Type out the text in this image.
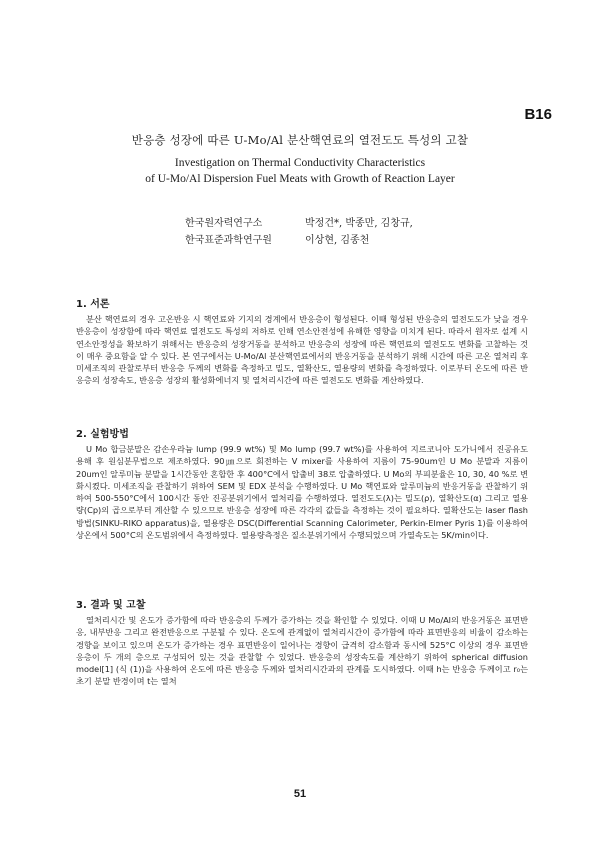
B16

반응층 성장에 따른 U-Mo/Al 분산핵연료의 열전도도 특성의 고찰

Investigation on Thermal Conductivity Characteristics
of U-Mo/Al Dispersion Fuel Meats with Growth of Reaction Layer

한국원자력연구소	박정건*, 박종만, 김창규,
한국표준과학연구원	이상현, 김종천
1. 서론

분산 핵연료의 경우 고온반응 시 핵연료와 기지의 경계에서 반응층이 형성된다. 이때 형성된 반응층의 열전도도가 낮을 경우 반응층이 성장함에 따라 핵연료 열전도도 특성의 저하로 인해 연소안전성에 유해한 영향을 미치게 된다. 따라서 원자로 설계 시 연소안정성을 확보하기 위해서는 반응층의 성장거동을 분석하고 반응층의 성장에 따른 핵연료의 열전도도 변화를 고찰하는 것이 매우 중요함을 알 수 있다. 본 연구에서는 U-Mo/Al 분산핵연료에서의 반응거동을 분석하기 위해 시간에 따른 고온 열처리 후 미세조직의 관찰로부터 반응층 두께의 변화를 측정하고 밀도, 열확산도, 열용량의 변화를 측정하였다. 이로부터 온도에 따른 반응층의 성장속도, 반응층 성장의 활성화에너지 및 열처리시간에 따른 열전도도 변화를 계산하였다.

2. 실험방법

U Mo 합금분말은 감손우라늄 lump (99.9 wt%) 및 Mo lump (99.7 wt%)를 사용하여 지르코니아 도가니에서 진공유도 용해 후 원심분무법으로 제조하였다. 90㎛으로 회전하는 V mixer를 사용하여 지름이 75-90um인 U Mo 분말과 지름이 20um인 알루미늄 분말을 1시간동안 혼합한 후 400°C에서 압출비 38로 압출하였다. U Mo의 부피분율은 10, 30, 40 %로 변화시켰다. 미세조직을 관찰하기 위하여 SEM 및 EDX 분석을 수행하였다. U Mo 핵연료와 알루미늄의 반응거동을 관찰하기 위하여 500-550°C에서 100시간 동안 진공분위기에서 열처리를 수행하였다. 열전도도(λ)는 밀도(ρ), 열확산도(α) 그리고 열용량(Cp)의 곱으로부터 계산할 수 있으므로 반응층 성장에 따른 각각의 값들을 측정하는 것이 필요하다. 열확산도는 laser flash 방법(SINKU-RIKO apparatus)을, 열용량은 DSC(Differential Scanning Calorimeter, Perkin-Elmer Pyris 1)를 이용하여 상온에서 500°C의 온도범위에서 측정하였다. 열용량측정은 질소분위기에서 수행되었으며 가열속도는 5K/min이다.

3. 결과 및 고찰

열처리시간 및 온도가 증가함에 따라 반응층의 두께가 증가하는 것을 확인할 수 있었다. 이때 U Mo/Al의 반응거동은 표면반응, 내부반응 그리고 완전반응으로 구분될 수 있다. 온도에 관계없이 열처리시간이 증가함에 따라 표면반응의 비율이 감소하는 경향을 보이고 있으며 온도가 증가하는 경우 표면반응이 일어나는 경향이 급격히 감소함과 동시에 525°C 이상의 경우 표면반응층이 두 개의 층으로 구성되어 있는 것을 관찰할 수 있었다. 반응층의 성장속도를 계산하기 위하여 spherical diffusion model[1] (식 (1))을 사용하여 온도에 따른 반응층 두께와 열처리시간과의 관계를 도시하였다. 이때 h는 반응층 두께이고 r₀는 초기 분말 반경이며 t는 열처

51
